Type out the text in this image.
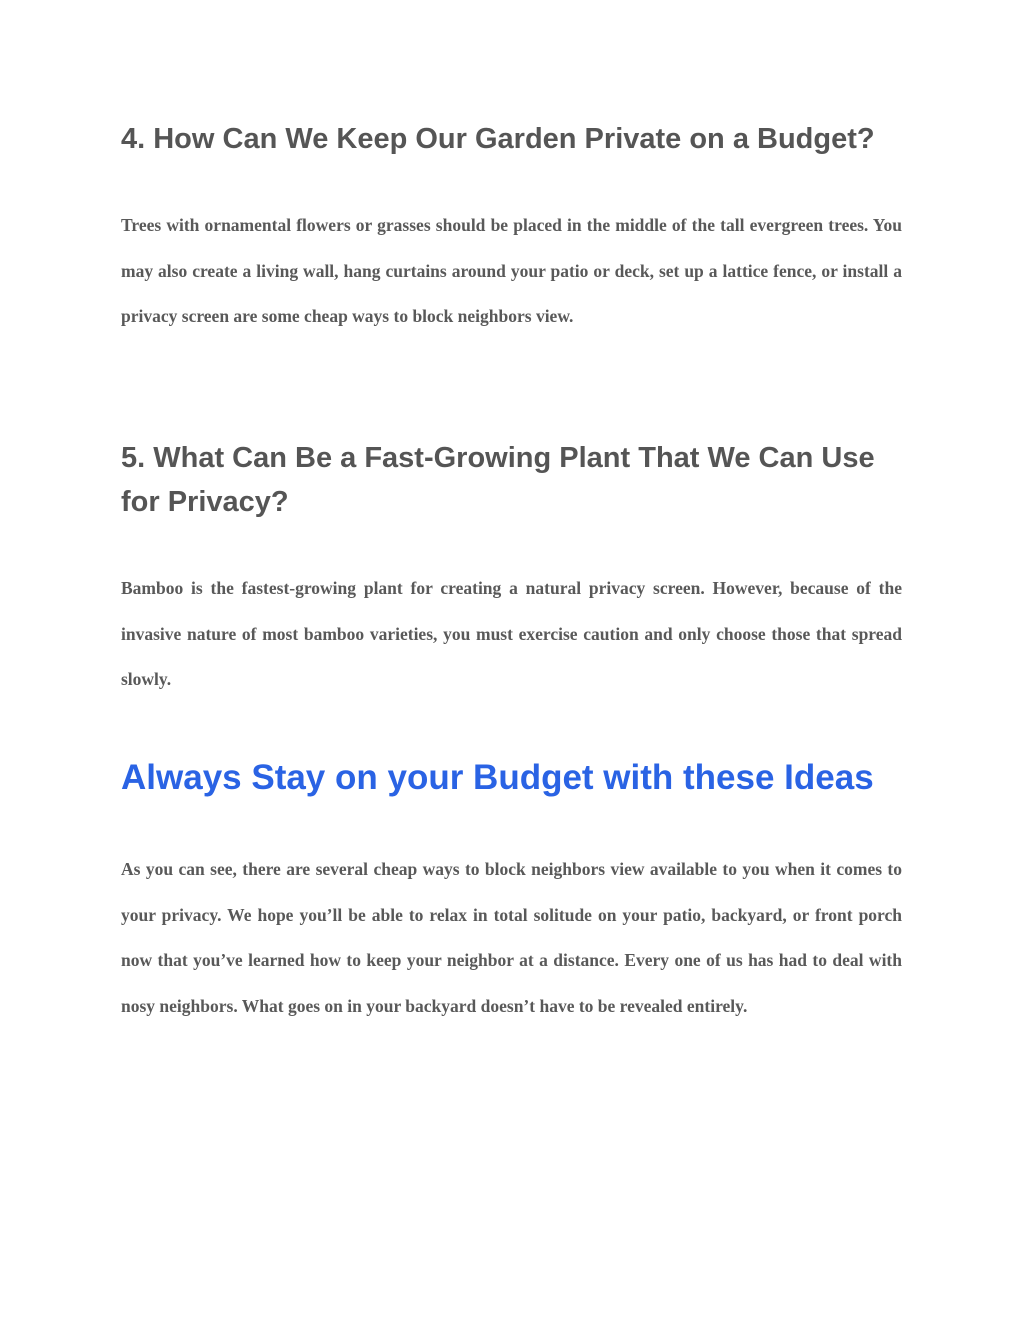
4. How Can We Keep Our Garden Private on a Budget?

Trees with ornamental flowers or grasses should be placed in the middle of the tall evergreen trees. You may also create a living wall, hang curtains around your patio or deck, set up a lattice fence, or install a privacy screen are some cheap ways to block neighbors view.

5. What Can Be a Fast-Growing Plant That We Can Use for Privacy?

Bamboo is the fastest-growing plant for creating a natural privacy screen. However, because of the invasive nature of most bamboo varieties, you must exercise caution and only choose those that spread slowly.

Always Stay on your Budget with these Ideas

As you can see, there are several cheap ways to block neighbors view available to you when it comes to your privacy. We hope you’ll be able to relax in total solitude on your patio, backyard, or front porch now that you’ve learned how to keep your neighbor at a distance. Every one of us has had to deal with nosy neighbors. What goes on in your backyard doesn’t have to be revealed entirely.
